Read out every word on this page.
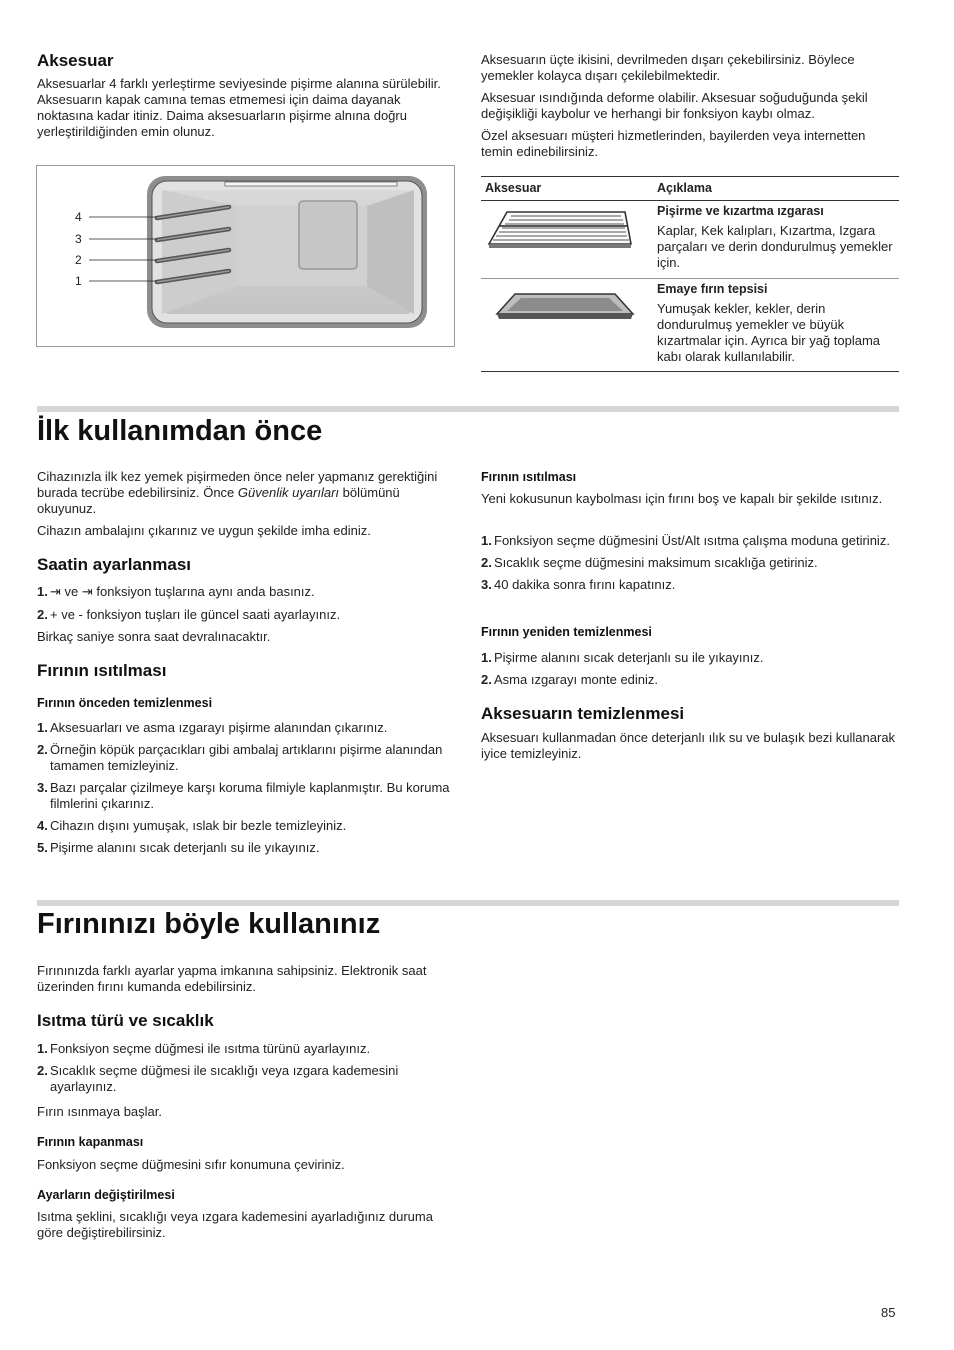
Aksesuar

Aksesuarlar 4 farklı yerleştirme seviyesinde pişirme alanına sürülebilir. Aksesuarın kapak camına temas etmemesi için daima dayanak noktasına kadar itiniz. Daima aksesuarların pişirme alnına doğru yerleştirildiğinden emin olunuz.

4
3
2
1

Aksesuarın üçte ikisini, devrilmeden dışarı çekebilirsiniz. Böylece yemekler kolayca dışarı çekilebilmektedir.

Aksesuar ısındığında deforme olabilir. Aksesuar soğuduğunda şekil değişikliği kaybolur ve herhangi bir fonksiyon kaybı olmaz.

Özel aksesuarı müşteri hizmetlerinden, bayilerden veya internetten temin edinebilirsiniz.

Aksesuar	Açıklama

Pişirme ve kızartma ızgarası
Kaplar, Kek kalıpları, Kızartma, Izgara parçaları ve derin dondurulmuş yemekler için.

Emaye fırın tepsisi
Yumuşak kekler, kekler, derin dondurulmuş yemekler ve büyük kızartmalar için. Ayrıca bir yağ toplama kabı olarak kullanılabilir.
İlk kullanımdan önce

Cihazınızla ilk kez yemek pişirmeden önce neler yapmanız gerektiğini burada tecrübe edebilirsiniz. Önce Güvenlik uyarıları bölümünü okuyunuz.

Cihazın ambalajını çıkarınız ve uygun şekilde imha ediniz.

Saatin ayarlanması
1. ⇥ ve ⇥ fonksiyon tuşlarına aynı anda basınız.
2. + ve - fonksiyon tuşları ile güncel saati ayarlayınız.

Birkaç saniye sonra saat devralınacaktır.

Fırının ısıtılması
Fırının önceden temizlenmesi
1. Aksesuarları ve asma ızgarayı pişirme alanından çıkarınız.
2. Örneğin köpük parçacıkları gibi ambalaj artıklarını pişirme alanından tamamen temizleyiniz.
3. Bazı parçalar çizilmeye karşı koruma filmiyle kaplanmıştır. Bu koruma filmlerini çıkarınız.
4. Cihazın dışını yumuşak, ıslak bir bezle temizleyiniz.
5. Pişirme alanını sıcak deterjanlı su ile yıkayınız.
Fırının ısıtılması

Yeni kokusunun kaybolması için fırını boş ve kapalı bir şekilde ısıtınız.

1. Fonksiyon seçme düğmesini Üst/Alt ısıtma çalışma moduna getiriniz.
2. Sıcaklık seçme düğmesini maksimum sıcaklığa getiriniz.
3. 40 dakika sonra fırını kapatınız.
Fırının yeniden temizlenmesi
1. Pişirme alanını sıcak deterjanlı su ile yıkayınız.
2. Asma ızgarayı monte ediniz.
Aksesuarın temizlenmesi

Aksesuarı kullanmadan önce deterjanlı ılık su ve bulaşık bezi kullanarak iyice temizleyiniz.

Fırınınızı böyle kullanınız

Fırınınızda farklı ayarlar yapma imkanına sahipsiniz. Elektronik saat üzerinden fırını kumanda edebilirsiniz.

Isıtma türü ve sıcaklık
1. Fonksiyon seçme düğmesi ile ısıtma türünü ayarlayınız.
2. Sıcaklık seçme düğmesi ile sıcaklığı veya ızgara kademesini ayarlayınız.

Fırın ısınmaya başlar.

Fırının kapanması

Fonksiyon seçme düğmesini sıfır konumuna çeviriniz.

Ayarların değiştirilmesi

Isıtma şeklini, sıcaklığı veya ızgara kademesini ayarladığınız duruma göre değiştirebilirsiniz.

85
